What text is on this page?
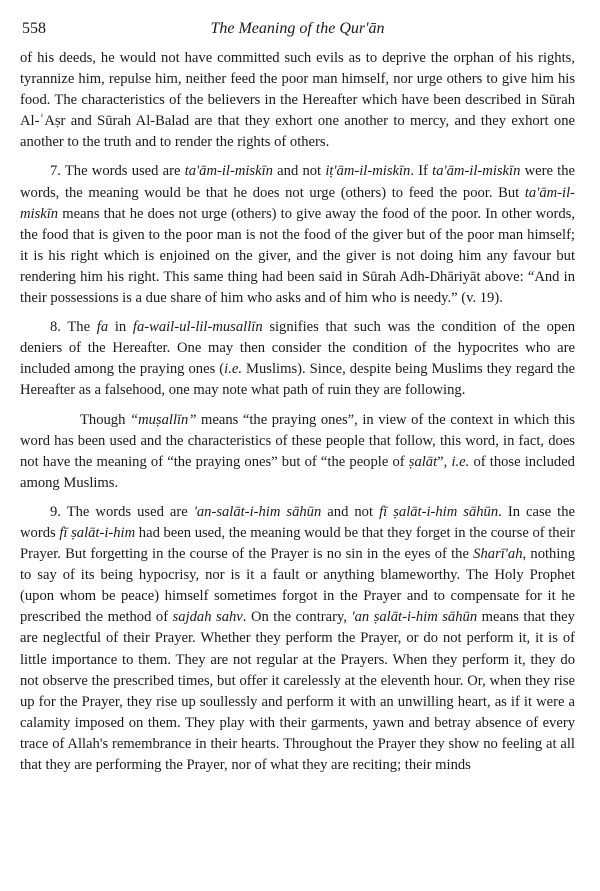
558	The Meaning of the Qur'ān

of his deeds, he would not have committed such evils as to deprive the orphan of his rights, tyrannize him, repulse him, neither feed the poor man himself, nor urge others to give him his food. The characteristics of the believers in the Hereafter which have been described in Sūrah Al-ʿAṣr and Sūrah Al-Balad are that they exhort one another to mercy, and they exhort one another to the truth and to render the rights of others.

7. The words used are ta'ām-il-miskīn and not iṭ'ām-il-miskīn. If ta'ām-il-miskīn were the words, the meaning would be that he does not urge (others) to feed the poor. But ta'ām-il-miskīn means that he does not urge (others) to give away the food of the poor. In other words, the food that is given to the poor man is not the food of the giver but of the poor man himself; it is his right which is enjoined on the giver, and the giver is not doing him any favour but rendering him his right. This same thing had been said in Sūrah Adh-Dhāriyāt above: “And in their possessions is a due share of him who asks and of him who is needy.” (v. 19).

8. The fa in fa-wail-ul-lil-musallīn signifies that such was the condition of the open deniers of the Hereafter. One may then consider the condition of the hypocrites who are included among the praying ones (i.e. Muslims). Since, despite being Muslims they regard the Hereafter as a falsehood, one may note what path of ruin they are following.

Though “muṣallīn” means “the praying ones”, in view of the context in which this word has been used and the characteristics of these people that follow, this word, in fact, does not have the meaning of “the praying ones” but of “the people of ṣalāt”, i.e. of those included among Muslims.

9. The words used are 'an-salāt-i-him sāhūn and not fī ṣalāt-i-him sāhūn. In case the words fī ṣalāt-i-him had been used, the meaning would be that they forget in the course of their Prayer. But forgetting in the course of the Prayer is no sin in the eyes of the Sharī'ah, nothing to say of its being hypocrisy, nor is it a fault or anything blameworthy. The Holy Prophet (upon whom be peace) himself sometimes forgot in the Prayer and to compensate for it he prescribed the method of sajdah sahv. On the contrary, 'an ṣalāt-i-him sāhūn means that they are neglectful of their Prayer. Whether they perform the Prayer, or do not perform it, it is of little importance to them. They are not regular at the Prayers. When they perform it, they do not observe the prescribed times, but offer it carelessly at the eleventh hour. Or, when they rise up for the Prayer, they rise up soullessly and perform it with an unwilling heart, as if it were a calamity imposed on them. They play with their garments, yawn and betray absence of every trace of Allah's remembrance in their hearts. Throughout the Prayer they show no feeling at all that they are performing the Prayer, nor of what they are reciting; their minds
